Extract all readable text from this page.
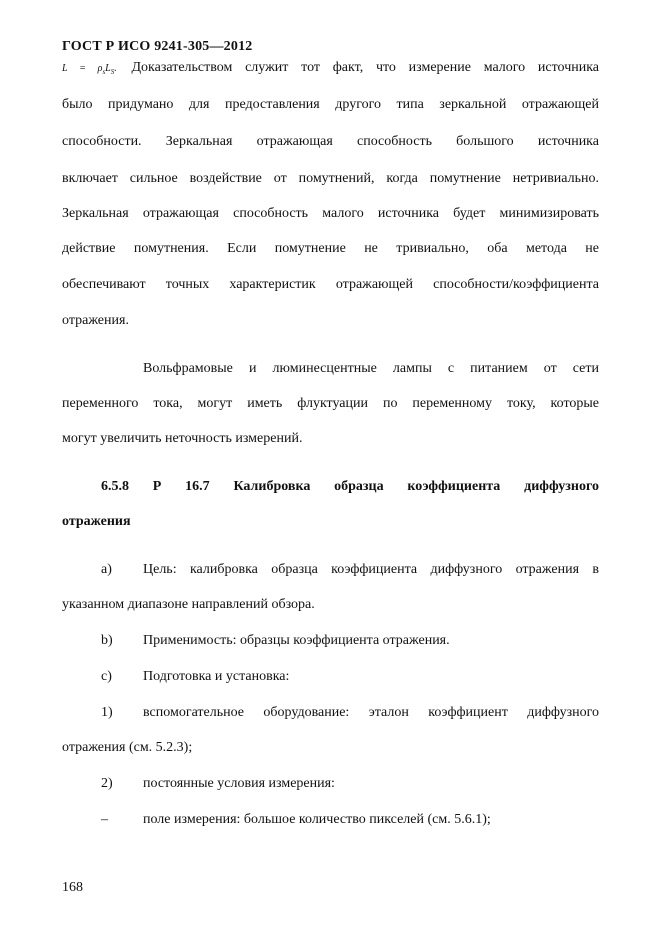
ГОСТ Р ИСО 9241-305—2012
$L = \rho_sL_S$. Доказательством служит тот факт, что измерение малого источника
было придумано для предоставления другого типа зеркальной отражающей
способности. Зеркальная отражающая способность большого источника
включает сильное воздействие от помутнений, когда помутнение нетривиально.
Зеркальная отражающая способность малого источника будет минимизировать
действие помутнения. Если помутнение не тривиально, оба метода не
обеспечивают точных характеристик отражающей способности/коэффициента
отражения.
Вольфрамовые и люминесцентные лампы с питанием от сети
переменного тока, могут иметь флуктуации по переменному току, которые
могут увеличить неточность измерений.
6.5.8 Р 16.7 Калибровка образца коэффициента диффузного
отражения
a) Цель: калибровка образца коэффициента диффузного отражения в
указанном диапазоне направлений обзора.
b) Применимость: образцы коэффициента отражения.
c) Подготовка и установка:
1) вспомогательное оборудование: эталон коэффициент диффузного
отражения (см. 5.2.3);
2) постоянные условия измерения:
–	поле измерения: большое количество пикселей (см. 5.6.1);
168
